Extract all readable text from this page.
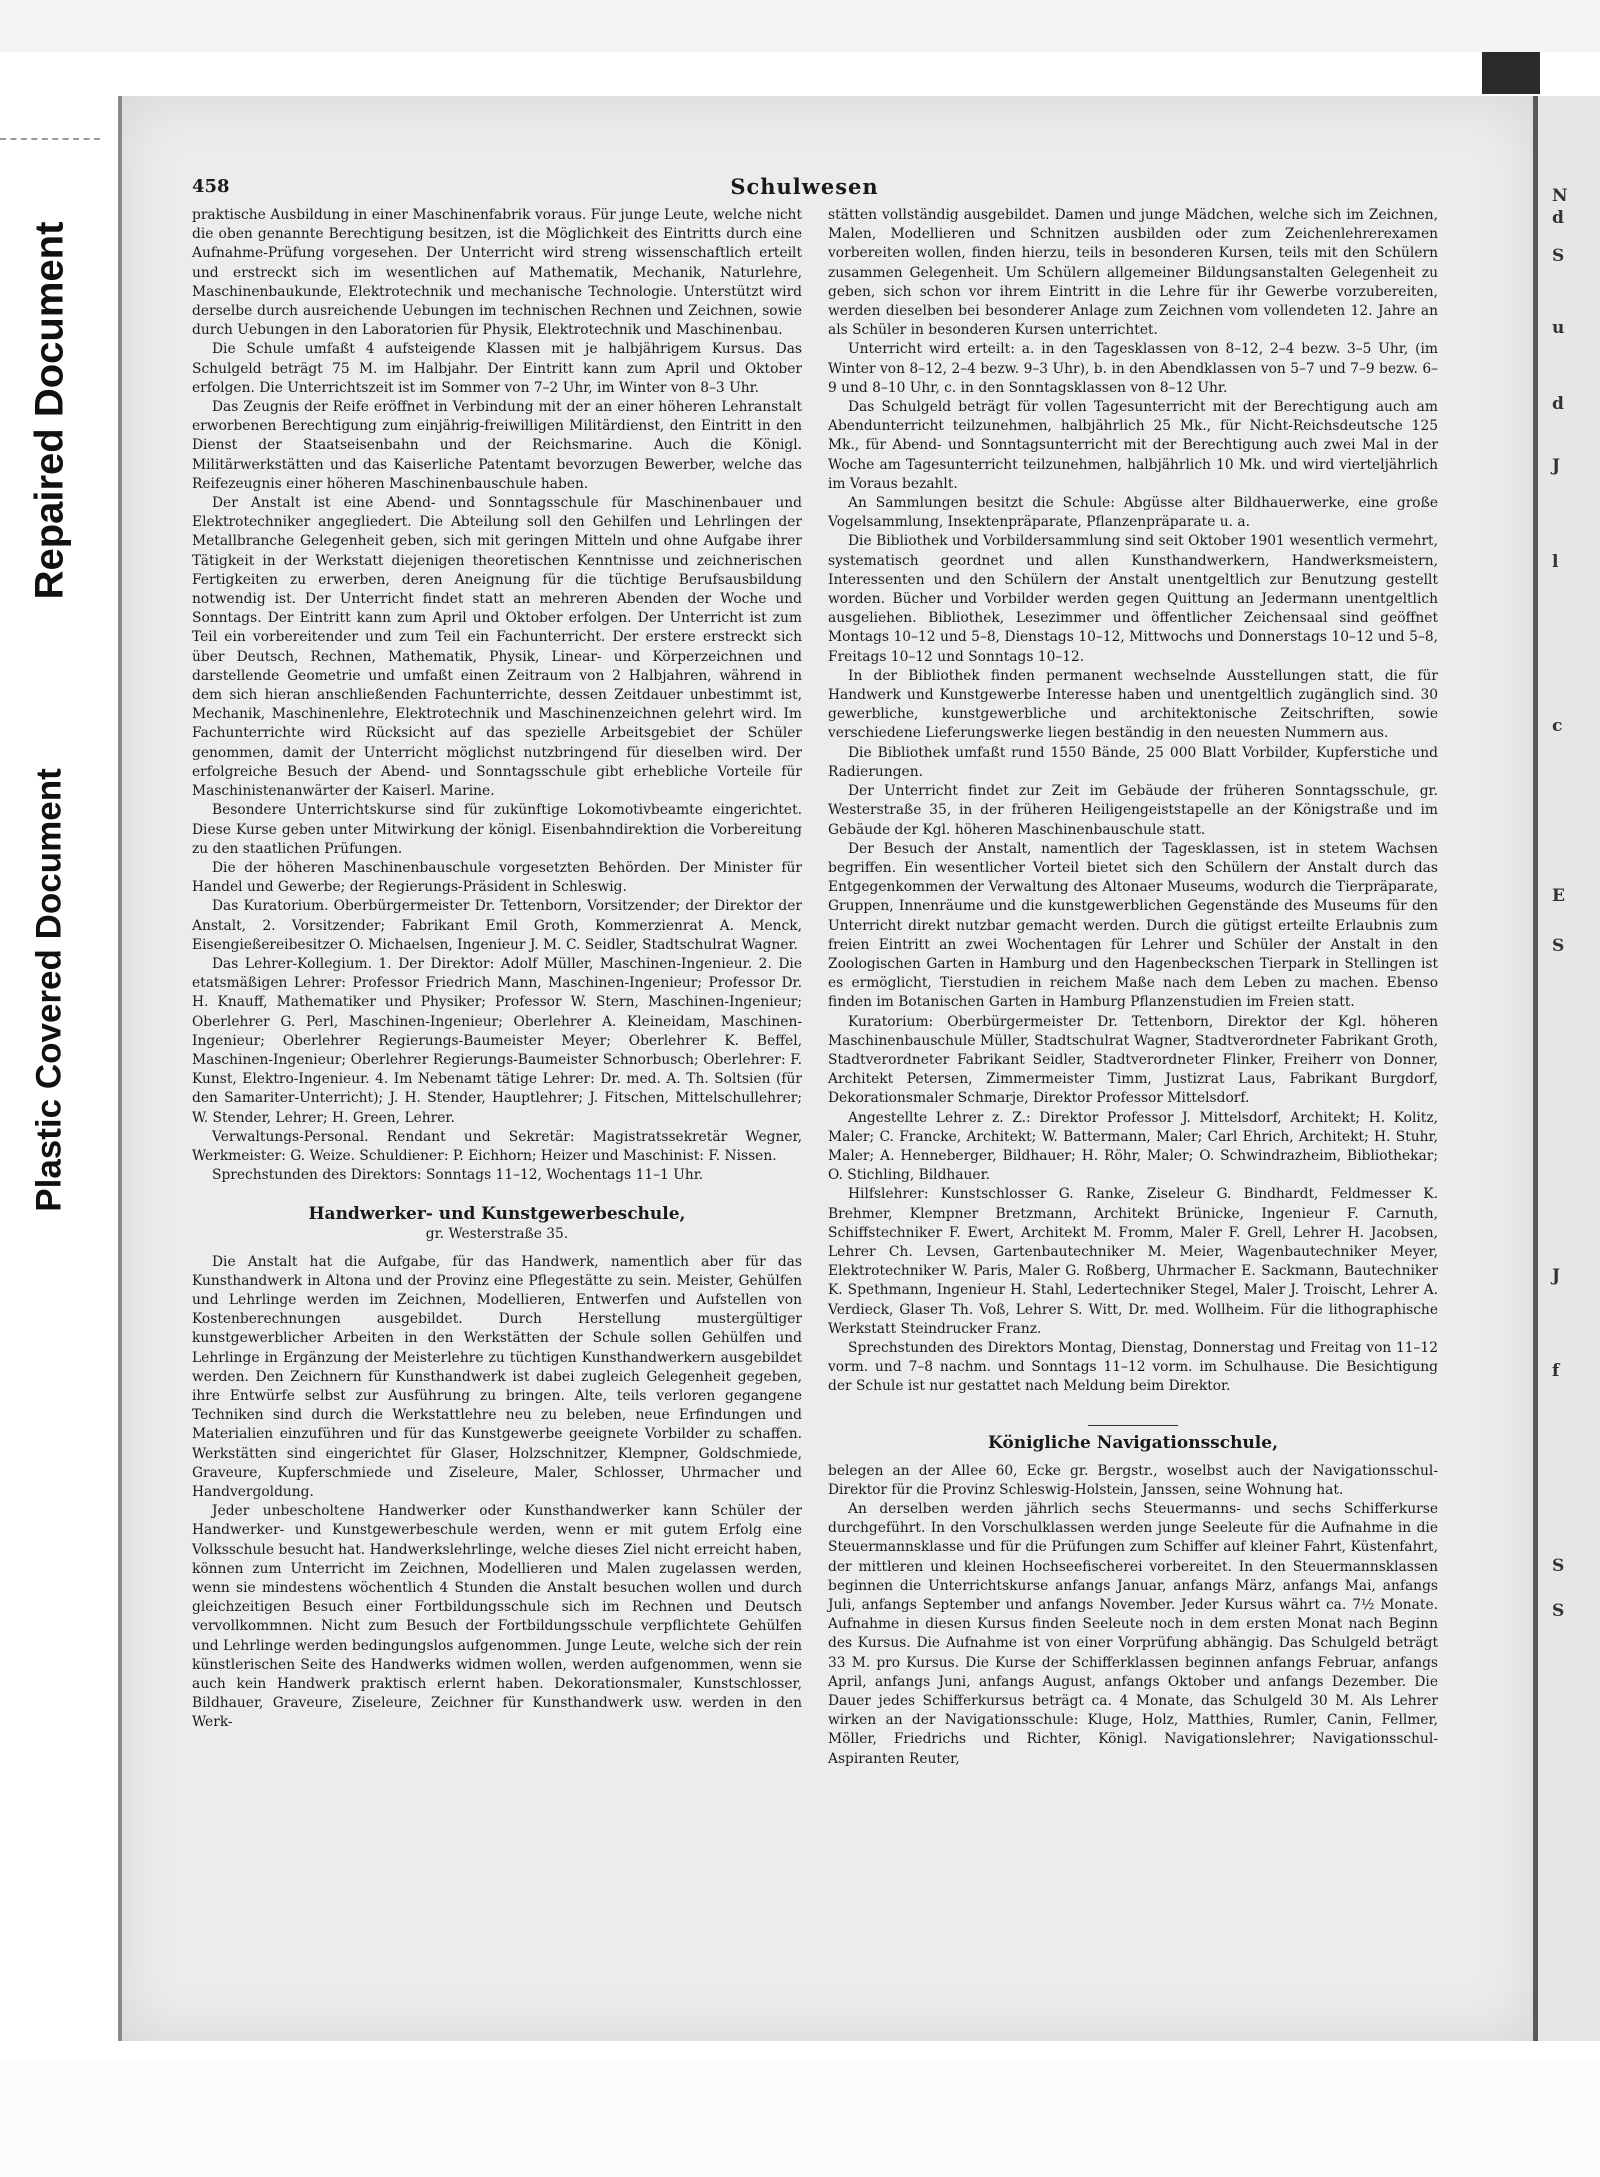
Repaired Document
Plastic Covered Document
N
d
S
u
d
J
l
c
E
S
J
f
S
S
Schulwesen
458

praktische Ausbildung in einer Maschinenfabrik voraus. Für junge Leute, welche nicht die oben genannte Berechtigung besitzen, ist die Möglichkeit des Eintritts durch eine Aufnahme-Prüfung vorgesehen. Der Unterricht wird streng wissenschaftlich erteilt und erstreckt sich im wesentlichen auf Mathematik, Mechanik, Naturlehre, Maschinenbaukunde, Elektrotechnik und mechanische Technologie. Unterstützt wird derselbe durch ausreichende Uebungen im technischen Rechnen und Zeichnen, sowie durch Uebungen in den Laboratorien für Physik, Elektrotechnik und Maschinenbau.

Die Schule umfaßt 4 aufsteigende Klassen mit je halbjährigem Kursus. Das Schulgeld beträgt 75 M. im Halbjahr. Der Eintritt kann zum April und Oktober erfolgen. Die Unterrichtszeit ist im Sommer von 7–2 Uhr, im Winter von 8–3 Uhr.

Das Zeugnis der Reife eröffnet in Verbindung mit der an einer höheren Lehranstalt erworbenen Berechtigung zum einjährig-freiwilligen Militärdienst, den Eintritt in den Dienst der Staatseisenbahn und der Reichsmarine. Auch die Königl. Militärwerkstätten und das Kaiserliche Patentamt bevorzugen Bewerber, welche das Reifezeugnis einer höheren Maschinenbauschule haben.

Der Anstalt ist eine Abend- und Sonntagsschule für Maschinenbauer und Elektrotechniker angegliedert. Die Abteilung soll den Gehilfen und Lehrlingen der Metallbranche Gelegenheit geben, sich mit geringen Mitteln und ohne Aufgabe ihrer Tätigkeit in der Werkstatt diejenigen theoretischen Kenntnisse und zeichnerischen Fertigkeiten zu erwerben, deren Aneignung für die tüchtige Berufsausbildung notwendig ist. Der Unterricht findet statt an mehreren Abenden der Woche und Sonntags. Der Eintritt kann zum April und Oktober erfolgen. Der Unterricht ist zum Teil ein vorbereitender und zum Teil ein Fachunterricht. Der erstere erstreckt sich über Deutsch, Rechnen, Mathematik, Physik, Linear- und Körperzeichnen und darstellende Geometrie und umfaßt einen Zeitraum von 2 Halbjahren, während in dem sich hieran anschließenden Fachunterrichte, dessen Zeitdauer unbestimmt ist, Mechanik, Maschinenlehre, Elektrotechnik und Maschinenzeichnen gelehrt wird. Im Fachunterrichte wird Rücksicht auf das spezielle Arbeitsgebiet der Schüler genommen, damit der Unterricht möglichst nutzbringend für dieselben wird. Der erfolgreiche Besuch der Abend- und Sonntagsschule gibt erhebliche Vorteile für Maschinistenanwärter der Kaiserl. Marine.

Besondere Unterrichtskurse sind für zukünftige Lokomotivbeamte eingerichtet. Diese Kurse geben unter Mitwirkung der königl. Eisenbahndirektion die Vorbereitung zu den staatlichen Prüfungen.

Die der höheren Maschinenbauschule vorgesetzten Behörden. Der Minister für Handel und Gewerbe; der Regierungs-Präsident in Schleswig.

Das Kuratorium. Oberbürgermeister Dr. Tettenborn, Vorsitzender; der Direktor der Anstalt, 2. Vorsitzender; Fabrikant Emil Groth, Kommerzienrat A. Menck, Eisengießereibesitzer O. Michaelsen, Ingenieur J. M. C. Seidler, Stadtschulrat Wagner.

Das Lehrer-Kollegium. 1. Der Direktor: Adolf Müller, Maschinen-Ingenieur. 2. Die etatsmäßigen Lehrer: Professor Friedrich Mann, Maschinen-Ingenieur; Professor Dr. H. Knauff, Mathematiker und Physiker; Professor W. Stern, Maschinen-Ingenieur; Oberlehrer G. Perl, Maschinen-Ingenieur; Oberlehrer A. Kleineidam, Maschinen-Ingenieur; Oberlehrer Regierungs-Baumeister Meyer; Oberlehrer K. Beffel, Maschinen-Ingenieur; Oberlehrer Regierungs-Baumeister Schnorbusch; Oberlehrer: F. Kunst, Elektro-Ingenieur. 4. Im Nebenamt tätige Lehrer: Dr. med. A. Th. Soltsien (für den Samariter-Unterricht); J. H. Stender, Hauptlehrer; J. Fitschen, Mittelschullehrer; W. Stender, Lehrer; H. Green, Lehrer.

Verwaltungs-Personal. Rendant und Sekretär: Magistratssekretär Wegner, Werkmeister: G. Weize. Schuldiener: P. Eichhorn; Heizer und Maschinist: F. Nissen.

Sprechstunden des Direktors: Sonntags 11–12, Wochentags 11–1 Uhr.

Handwerker- und Kunstgewerbeschule,
gr. Westerstraße 35.

Die Anstalt hat die Aufgabe, für das Handwerk, namentlich aber für das Kunsthandwerk in Altona und der Provinz eine Pflegestätte zu sein. Meister, Gehülfen und Lehrlinge werden im Zeichnen, Modellieren, Entwerfen und Aufstellen von Kostenberechnungen ausgebildet. Durch Herstellung mustergültiger kunstgewerblicher Arbeiten in den Werkstätten der Schule sollen Gehülfen und Lehrlinge in Ergänzung der Meisterlehre zu tüchtigen Kunsthandwerkern ausgebildet werden. Den Zeichnern für Kunsthandwerk ist dabei zugleich Gelegenheit gegeben, ihre Entwürfe selbst zur Ausführung zu bringen. Alte, teils verloren gegangene Techniken sind durch die Werkstattlehre neu zu beleben, neue Erfindungen und Materialien einzuführen und für das Kunstgewerbe geeignete Vorbilder zu schaffen. Werkstätten sind eingerichtet für Glaser, Holzschnitzer, Klempner, Goldschmiede, Graveure, Kupferschmiede und Ziseleure, Maler, Schlosser, Uhrmacher und Handvergoldung.

Jeder unbescholtene Handwerker oder Kunsthandwerker kann Schüler der Handwerker- und Kunstgewerbeschule werden, wenn er mit gutem Erfolg eine Volksschule besucht hat. Handwerkslehrlinge, welche dieses Ziel nicht erreicht haben, können zum Unterricht im Zeichnen, Modellieren und Malen zugelassen werden, wenn sie mindestens wöchentlich 4 Stunden die Anstalt besuchen wollen und durch gleichzeitigen Besuch einer Fortbildungsschule sich im Rechnen und Deutsch vervollkommnen. Nicht zum Besuch der Fortbildungsschule verpflichtete Gehülfen und Lehrlinge werden bedingungslos aufgenommen. Junge Leute, welche sich der rein künstlerischen Seite des Handwerks widmen wollen, werden aufgenommen, wenn sie auch kein Handwerk praktisch erlernt haben. Dekorationsmaler, Kunstschlosser, Bildhauer, Graveure, Ziseleure, Zeichner für Kunsthandwerk usw. werden in den Werk-

stätten vollständig ausgebildet. Damen und junge Mädchen, welche sich im Zeichnen, Malen, Modellieren und Schnitzen ausbilden oder zum Zeichenlehrerexamen vorbereiten wollen, finden hierzu, teils in besonderen Kursen, teils mit den Schülern zusammen Gelegenheit. Um Schülern allgemeiner Bildungsanstalten Gelegenheit zu geben, sich schon vor ihrem Eintritt in die Lehre für ihr Gewerbe vorzubereiten, werden dieselben bei besonderer Anlage zum Zeichnen vom vollendeten 12. Jahre an als Schüler in besonderen Kursen unterrichtet.

Unterricht wird erteilt: a. in den Tagesklassen von 8–12, 2–4 bezw. 3–5 Uhr, (im Winter von 8–12, 2–4 bezw. 9–3 Uhr), b. in den Abendklassen von 5–7 und 7–9 bezw. 6–9 und 8–10 Uhr, c. in den Sonntagsklassen von 8–12 Uhr.

Das Schulgeld beträgt für vollen Tagesunterricht mit der Berechtigung auch am Abendunterricht teilzunehmen, halbjährlich 25 Mk., für Nicht-Reichsdeutsche 125 Mk., für Abend- und Sonntagsunterricht mit der Berechtigung auch zwei Mal in der Woche am Tagesunterricht teilzunehmen, halbjährlich 10 Mk. und wird vierteljährlich im Voraus bezahlt.

An Sammlungen besitzt die Schule: Abgüsse alter Bildhauerwerke, eine große Vogelsammlung, Insektenpräparate, Pflanzenpräparate u. a.

Die Bibliothek und Vorbildersammlung sind seit Oktober 1901 wesentlich vermehrt, systematisch geordnet und allen Kunsthandwerkern, Handwerksmeistern, Interessenten und den Schülern der Anstalt unentgeltlich zur Benutzung gestellt worden. Bücher und Vorbilder werden gegen Quittung an Jedermann unentgeltlich ausgeliehen. Bibliothek, Lesezimmer und öffentlicher Zeichensaal sind geöffnet Montags 10–12 und 5–8, Dienstags 10–12, Mittwochs und Donnerstags 10–12 und 5–8, Freitags 10–12 und Sonntags 10–12.

In der Bibliothek finden permanent wechselnde Ausstellungen statt, die für Handwerk und Kunstgewerbe Interesse haben und unentgeltlich zugänglich sind. 30 gewerbliche, kunstgewerbliche und architektonische Zeitschriften, sowie verschiedene Lieferungswerke liegen beständig in den neuesten Nummern aus.

Die Bibliothek umfaßt rund 1550 Bände, 25 000 Blatt Vorbilder, Kupferstiche und Radierungen.

Der Unterricht findet zur Zeit im Gebäude der früheren Sonntagsschule, gr. Westerstraße 35, in der früheren Heiligengeiststapelle an der Königstraße und im Gebäude der Kgl. höheren Maschinenbauschule statt.

Der Besuch der Anstalt, namentlich der Tagesklassen, ist in stetem Wachsen begriffen. Ein wesentlicher Vorteil bietet sich den Schülern der Anstalt durch das Entgegenkommen der Verwaltung des Altonaer Museums, wodurch die Tierpräparate, Gruppen, Innenräume und die kunstgewerblichen Gegenstände des Museums für den Unterricht direkt nutzbar gemacht werden. Durch die gütigst erteilte Erlaubnis zum freien Eintritt an zwei Wochentagen für Lehrer und Schüler der Anstalt in den Zoologischen Garten in Hamburg und den Hagenbeckschen Tierpark in Stellingen ist es ermöglicht, Tierstudien in reichem Maße nach dem Leben zu machen. Ebenso finden im Botanischen Garten in Hamburg Pflanzenstudien im Freien statt.

Kuratorium: Oberbürgermeister Dr. Tettenborn, Direktor der Kgl. höheren Maschinenbauschule Müller, Stadtschulrat Wagner, Stadtverordneter Fabrikant Groth, Stadtverordneter Fabrikant Seidler, Stadtverordneter Flinker, Freiherr von Donner, Architekt Petersen, Zimmermeister Timm, Justizrat Laus, Fabrikant Burgdorf, Dekorationsmaler Schmarje, Direktor Professor Mittelsdorf.

Angestellte Lehrer z. Z.: Direktor Professor J. Mittelsdorf, Architekt; H. Kolitz, Maler; C. Francke, Architekt; W. Battermann, Maler; Carl Ehrich, Architekt; H. Stuhr, Maler; A. Henneberger, Bildhauer; H. Röhr, Maler; O. Schwindrazheim, Bibliothekar; O. Stichling, Bildhauer.

Hilfslehrer: Kunstschlosser G. Ranke, Ziseleur G. Bindhardt, Feldmesser K. Brehmer, Klempner Bretzmann, Architekt Brünicke, Ingenieur F. Carnuth, Schiffstechniker F. Ewert, Architekt M. Fromm, Maler F. Grell, Lehrer H. Jacobsen, Lehrer Ch. Levsen, Gartenbautechniker M. Meier, Wagenbautechniker Meyer, Elektrotechniker W. Paris, Maler G. Roßberg, Uhrmacher E. Sackmann, Bautechniker K. Spethmann, Ingenieur H. Stahl, Ledertechniker Stegel, Maler J. Troischt, Lehrer A. Verdieck, Glaser Th. Voß, Lehrer S. Witt, Dr. med. Wollheim. Für die lithographische Werkstatt Steindrucker Franz.

Sprechstunden des Direktors Montag, Dienstag, Donnerstag und Freitag von 11–12 vorm. und 7–8 nachm. und Sonntags 11–12 vorm. im Schulhause. Die Besichtigung der Schule ist nur gestattet nach Meldung beim Direktor.

Königliche Navigationsschule,

belegen an der Allee 60, Ecke gr. Bergstr., woselbst auch der Navigationsschul-Direktor für die Provinz Schleswig-Holstein, Janssen, seine Wohnung hat.

An derselben werden jährlich sechs Steuermanns- und sechs Schifferkurse durchgeführt. In den Vorschulklassen werden junge Seeleute für die Aufnahme in die Steuermannsklasse und für die Prüfungen zum Schiffer auf kleiner Fahrt, Küstenfahrt, der mittleren und kleinen Hochseefischerei vorbereitet. In den Steuermannsklassen beginnen die Unterrichtskurse anfangs Januar, anfangs März, anfangs Mai, anfangs Juli, anfangs September und anfangs November. Jeder Kursus währt ca. 7½ Monate. Aufnahme in diesen Kursus finden Seeleute noch in dem ersten Monat nach Beginn des Kursus. Die Aufnahme ist von einer Vorprüfung abhängig. Das Schulgeld beträgt 33 M. pro Kursus. Die Kurse der Schifferklassen beginnen anfangs Februar, anfangs April, anfangs Juni, anfangs August, anfangs Oktober und anfangs Dezember. Die Dauer jedes Schifferkursus beträgt ca. 4 Monate, das Schulgeld 30 M. Als Lehrer wirken an der Navigationsschule: Kluge, Holz, Matthies, Rumler, Canin, Fellmer, Möller, Friedrichs und Richter, Königl. Navigationslehrer; Navigationsschul-Aspiranten Reuter,
